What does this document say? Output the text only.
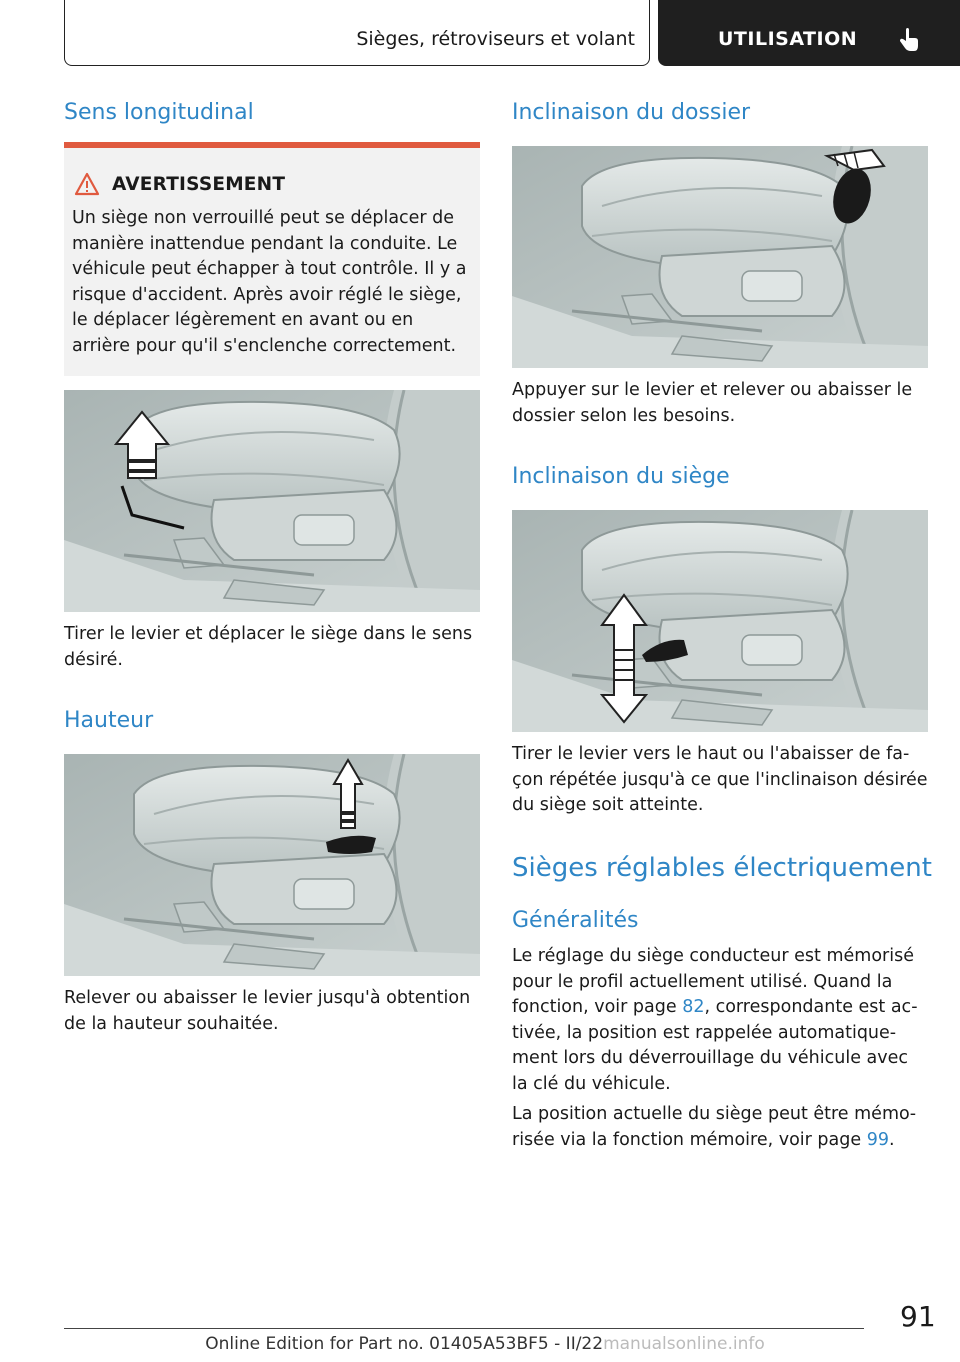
Sièges, rétroviseurs et volant	UTILISATION
Sens longitudinal
AVERTISSEMENT
Un siège non verrouillé peut se déplacer de manière inattendue pendant la conduite. Le véhicule peut échapper à tout contrôle. Il y a risque d'accident. Après avoir réglé le siège, le déplacer légèrement en avant ou en arrière pour qu'il s'enclenche correctement.
Tirer le levier et déplacer le siège dans le sens désiré.
Hauteur
Relever ou abaisser le levier jusqu'à obtention de la hauteur souhaitée.
Inclinaison du dossier
Appuyer sur le levier et relever ou abaisser le dossier selon les besoins.
Inclinaison du siège
Tirer le levier vers le haut ou l'abaisser de façon répétée jusqu'à ce que l'inclinaison désirée du siège soit atteinte.
Sièges réglables électriquement
Généralités
Le réglage du siège conducteur est mémorisé pour le profil actuellement utilisé. Quand la fonction, voir page 82, correspondante est activée, la position est rappelée automatiquement lors du déverrouillage du véhicule avec la clé du véhicule.
La position actuelle du siège peut être mémorisée via la fonction mémoire, voir page 99.
91
Online Edition for Part no. 01405A53BF5 - II/22manualsonline.info
